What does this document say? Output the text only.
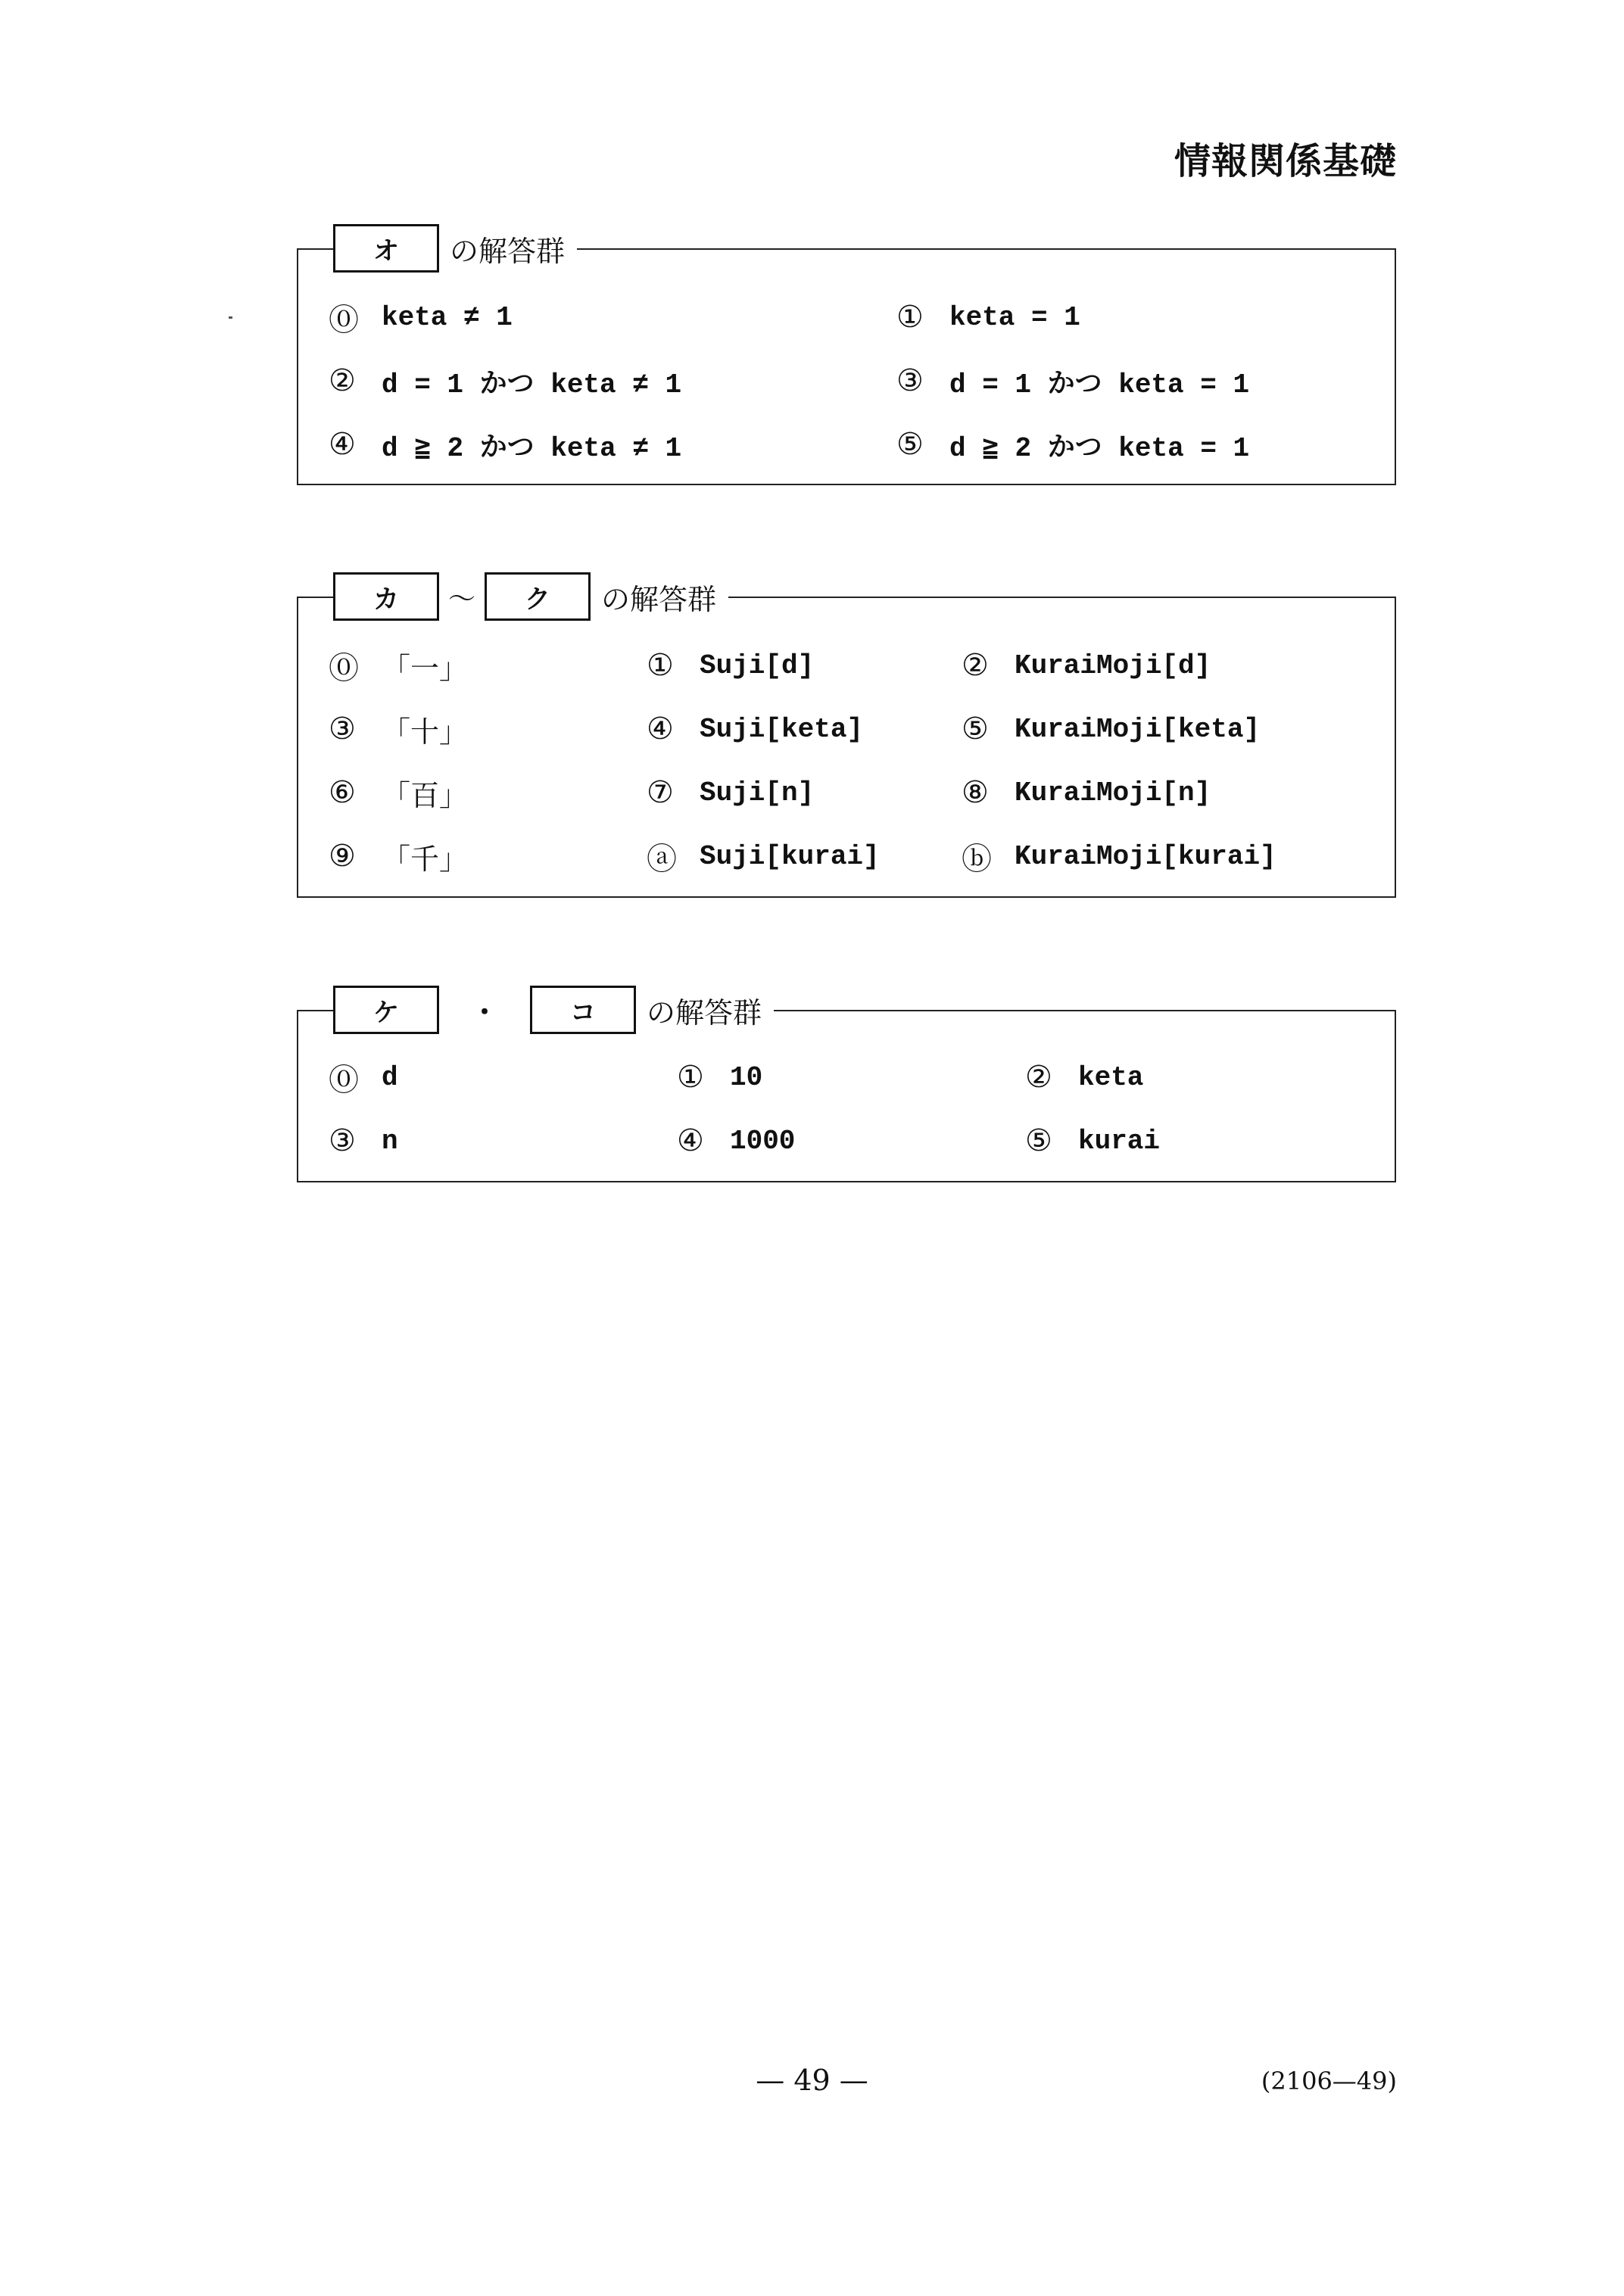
情報関係基礎
オ	の解答群
⓪ keta ≠ 1	① keta = 1
② d = 1 かつ keta ≠ 1	③ d = 1 かつ keta = 1
④ d ≧ 2 かつ keta ≠ 1	⑤ d ≧ 2 かつ keta = 1
カ	〜	ク	の解答群
⓪ 「一」	① Suji[d]	② KuraiMoji[d]
③ 「十」	④ Suji[keta]	⑤ KuraiMoji[keta]
⑥ 「百」	⑦ Suji[n]	⑧ KuraiMoji[n]
⑨ 「千」	ⓐ Suji[kurai]	ⓑ KuraiMoji[kurai]
ケ	・	コ	の解答群
⓪ d	① 10	② keta
③ n	④ 1000	⑤ kurai
— 49 —	(2106—49)
